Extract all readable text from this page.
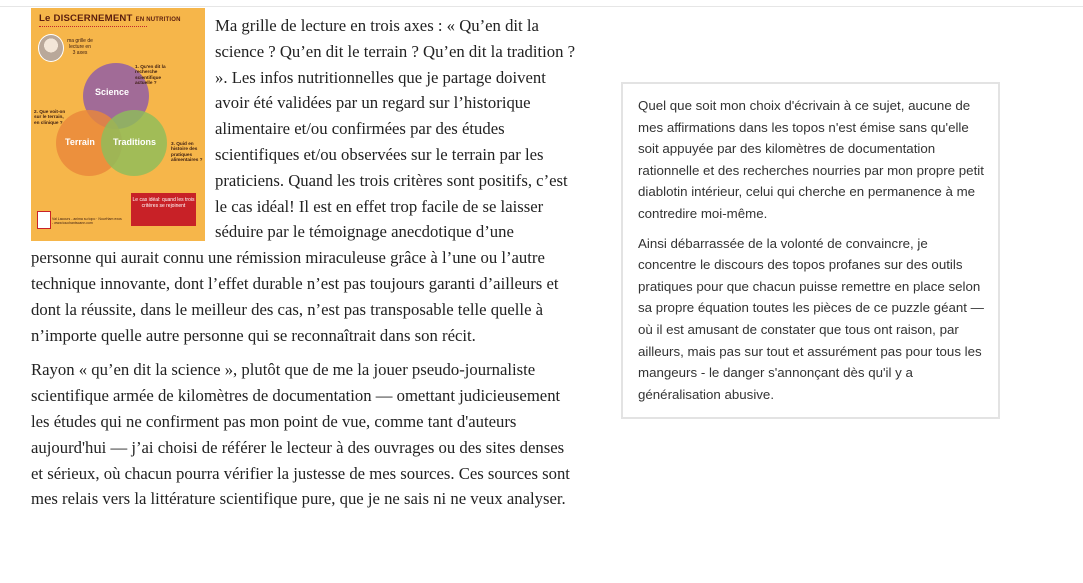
Ma grille de lecture en trois axes : « Qu’en dit la science ? Qu’en dit le terrain ? Qu’en dit la tradition ? ». Les infos nutritionnelles que je partage doivent avoir été validées par un regard sur l’historique alimentaire et/ou confirmées par des études scientifiques et/ou observées sur le terrain par les praticiens. Quand les trois critères sont positifs, c’est le cas idéal! Il est en effet trop facile de se laisser séduire par le témoignage anecdotique d’une personne qui aurait connu une rémission miraculeuse grâce à l’une ou l’autre technique innovante, dont l’effet durable n’est pas toujours garanti d’ailleurs et dont la réussite, dans le meilleur des cas, n’est pas transposable telle quelle à n’importe quelle autre personne qui se reconnaîtrait dans son récit.

Rayon « qu’en dit la science », plutôt que de me la jouer pseudo-journaliste scientifique armée de kilomètres de documentation — omettant judicieusement les études qui ne confirment pas mon point de vue, comme tant d'auteurs aujourd'hui — j’ai choisi de référer le lecteur à des ouvrages ou des sites denses et sérieux, où chacun pourra vérifier la justesse de mes sources. Ces sources sont mes relais vers la littérature scientifique pure, que je ne sais ni ne veux analyser.

Le DISCERNEMENT EN NUTRITION
ma grille de lecture en 3 axes
Science
Terrain Traditions
1. Qu'en dit la recherche scientifique actuelle ?
2. Que voit-on sur le terrain, en clinique ?
3. Quid en histoire des pratiques alimentaires ?
Val Lacours - anima su topo · NourHam exos - www.touchantscann.com
Le cas idéal: quand les trois critères se rejoinent

Quel que soit mon choix d'écrivain à ce sujet, aucune de mes affirmations dans les topos n'est émise sans qu'elle soit appuyée par des kilomètres de documentation rationnelle et des recherches nourries par mon propre petit diablotin intérieur, celui qui cherche en permanence à me contredire moi-même.

Ainsi débarrassée de la volonté de convaincre, je concentre le discours des topos profanes sur des outils pratiques pour que chacun puisse remettre en place selon sa propre équation toutes les pièces de ce puzzle géant — où il est amusant de constater que tous ont raison, par ailleurs, mais pas sur tout et assurément pas pour tous les mangeurs - le danger s'annonçant dès qu'il y a généralisation abusive.
